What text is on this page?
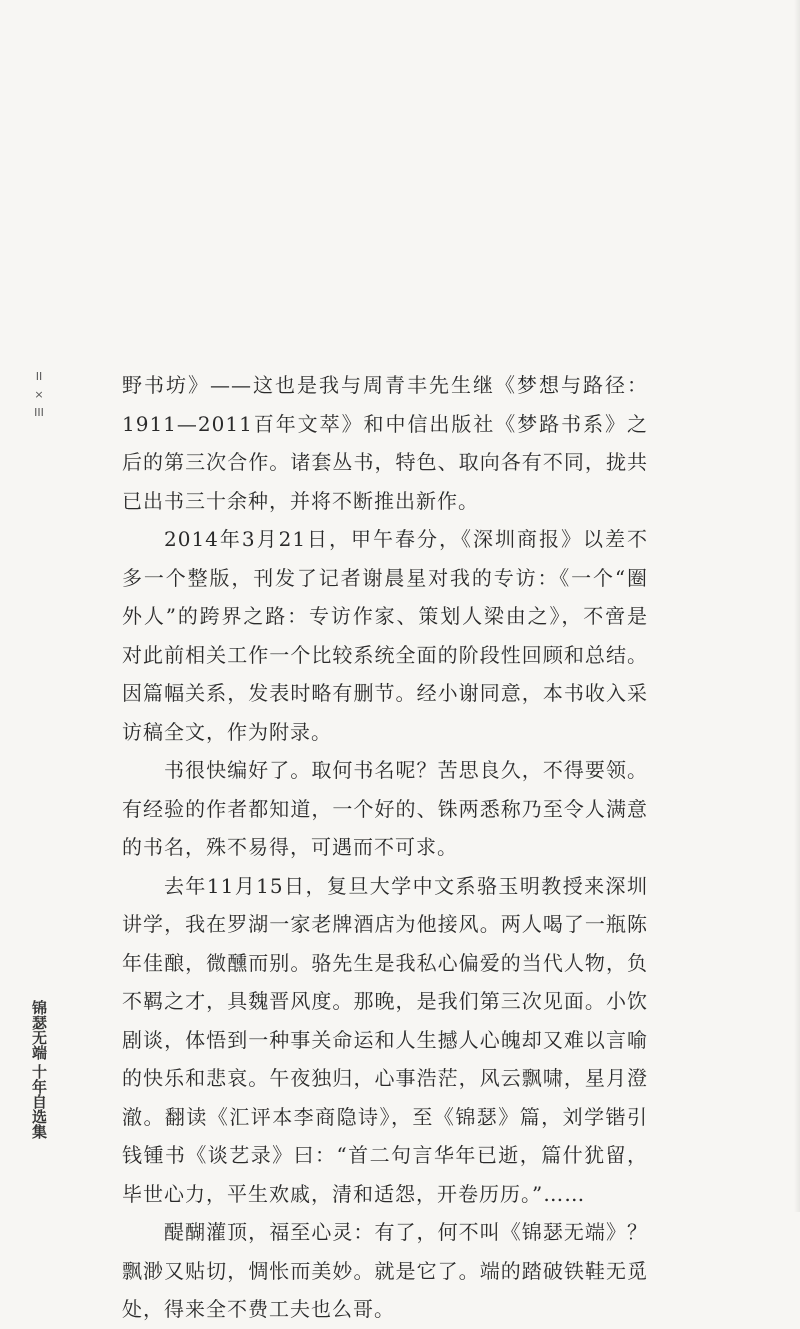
II
×
III
锦瑟无端
十年自选集

野书坊》——这也是我与周青丰先生继《梦想与路径：1911—2011百年文萃》和中信出版社《梦路书系》之后的第三次合作。诸套丛书，特色、取向各有不同，拢共已出书三十余种，并将不断推出新作。

2014年3月21日，甲午春分，《深圳商报》以差不多一个整版，刊发了记者谢晨星对我的专访：《一个“圈外人”的跨界之路：专访作家、策划人梁由之》，不啻是对此前相关工作一个比较系统全面的阶段性回顾和总结。因篇幅关系，发表时略有删节。经小谢同意，本书收入采访稿全文，作为附录。

书很快编好了。取何书名呢？苦思良久，不得要领。有经验的作者都知道，一个好的、铢两悉称乃至令人满意的书名，殊不易得，可遇而不可求。

去年11月15日，复旦大学中文系骆玉明教授来深圳讲学，我在罗湖一家老牌酒店为他接风。两人喝了一瓶陈年佳酿，微醺而别。骆先生是我私心偏爱的当代人物，负不羁之才，具魏晋风度。那晚，是我们第三次见面。小饮剧谈，体悟到一种事关命运和人生撼人心魄却又难以言喻的快乐和悲哀。午夜独归，心事浩茫，风云飘啸，星月澄澈。翻读《汇评本李商隐诗》，至《锦瑟》篇，刘学锴引钱锺书《谈艺录》曰：“首二句言华年已逝，篇什犹留，毕世心力，平生欢戚，清和适怨，开卷历历。”……

醍醐灌顶，福至心灵：有了，何不叫《锦瑟无端》？飘渺又贴切，惆怅而美妙。就是它了。端的踏破铁鞋无觅处，得来全不费工夫也么哥。
